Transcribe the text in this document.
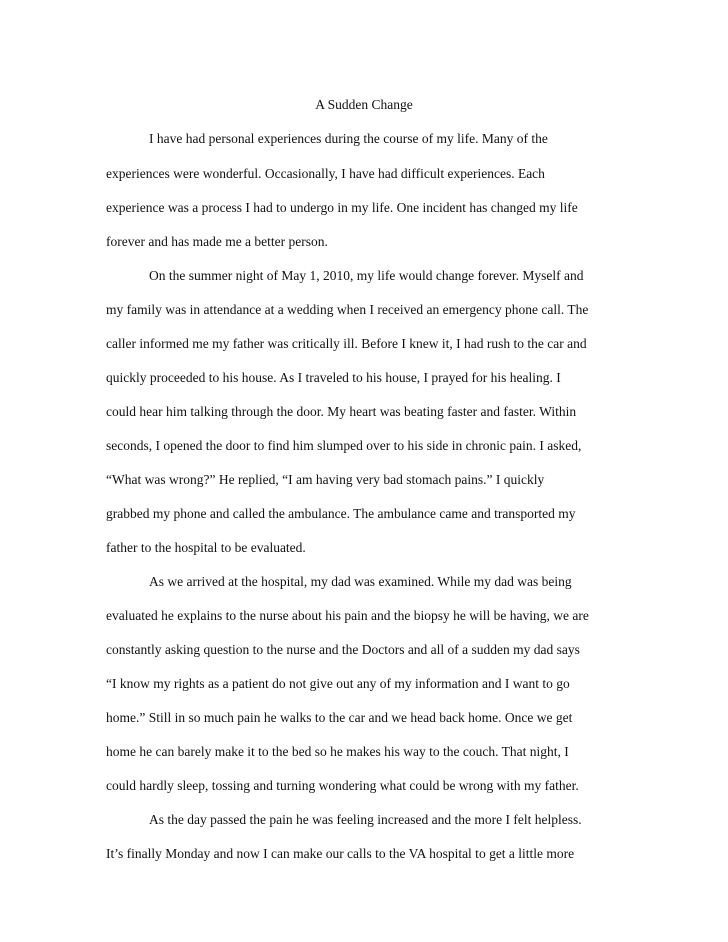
A Sudden Change
I have had personal experiences during the course of my life. Many of the
experiences were wonderful. Occasionally, I have had difficult experiences. Each
experience was a process I had to undergo in my life. One incident has changed my life
forever and has made me a better person.
On the summer night of May 1, 2010, my life would change forever. Myself and
my family was in attendance at a wedding when I received an emergency phone call. The
caller informed me my father was critically ill. Before I knew it, I had rush to the car and
quickly proceeded to his house. As I traveled to his house, I prayed for his healing. I
could hear him talking through the door. My heart was beating faster and faster. Within
seconds, I opened the door to find him slumped over to his side in chronic pain. I asked,
“What was wrong?” He replied, “I am having very bad stomach pains.” I quickly
grabbed my phone and called the ambulance. The ambulance came and transported my
father to the hospital to be evaluated.
As we arrived at the hospital, my dad was examined. While my dad was being
evaluated he explains to the nurse about his pain and the biopsy he will be having, we are
constantly asking question to the nurse and the Doctors and all of a sudden my dad says
“I know my rights as a patient do not give out any of my information and I want to go
home.” Still in so much pain he walks to the car and we head back home. Once we get
home he can barely make it to the bed so he makes his way to the couch. That night, I
could hardly sleep, tossing and turning wondering what could be wrong with my father.
As the day passed the pain he was feeling increased and the more I felt helpless.
It’s finally Monday and now I can make our calls to the VA hospital to get a little more
